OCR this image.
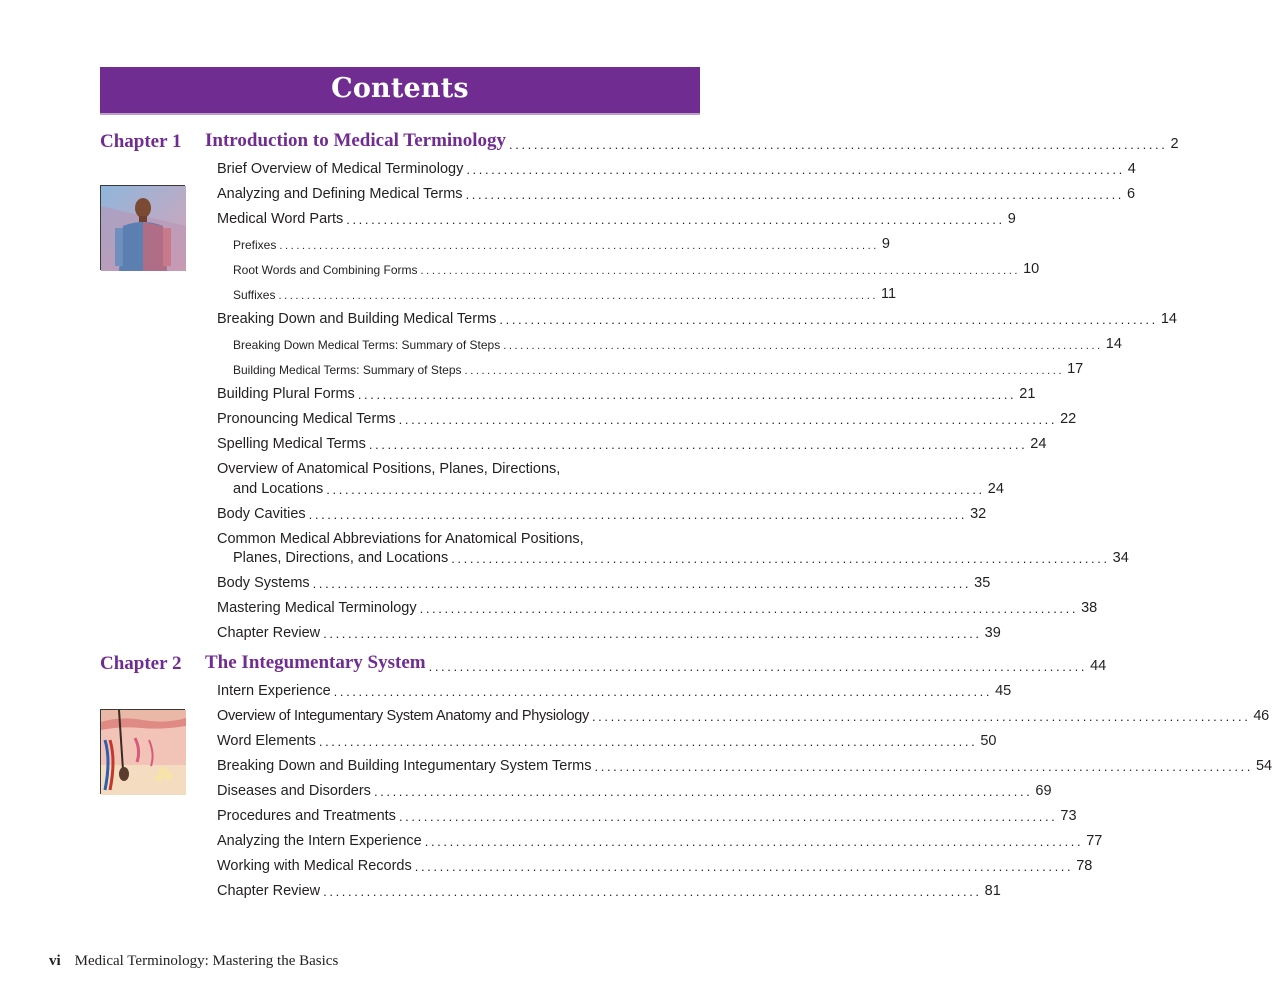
Contents
Chapter 1 Introduction to Medical Terminology .......................................................................................................... 2
Brief Overview of Medical Terminology .......................................................................................................... 4
Analyzing and Defining Medical Terms .......................................................................................................... 6
Medical Word Parts .......................................................................................................... 9
Prefixes .......................................................................................................... 9
Root Words and Combining Forms .......................................................................................................... 10
Suffixes .......................................................................................................... 11
Breaking Down and Building Medical Terms .......................................................................................................... 14
Breaking Down Medical Terms: Summary of Steps .......................................................................................................... 14
Building Medical Terms: Summary of Steps .......................................................................................................... 17
Building Plural Forms .......................................................................................................... 21
Pronouncing Medical Terms .......................................................................................................... 22
Spelling Medical Terms .......................................................................................................... 24
Overview of Anatomical Positions, Planes, Directions,
and Locations .......................................................................................................... 24
Body Cavities .......................................................................................................... 32
Common Medical Abbreviations for Anatomical Positions,
Planes, Directions, and Locations .......................................................................................................... 34
Body Systems .......................................................................................................... 35
Mastering Medical Terminology .......................................................................................................... 38
Chapter Review .......................................................................................................... 39
Chapter 2 The Integumentary System .......................................................................................................... 44
Intern Experience .......................................................................................................... 45
Overview of Integumentary System Anatomy and Physiology .......................................................................................................... 46
Word Elements .......................................................................................................... 50
Breaking Down and Building Integumentary System Terms .......................................................................................................... 54
Diseases and Disorders .......................................................................................................... 69
Procedures and Treatments .......................................................................................................... 73
Analyzing the Intern Experience .......................................................................................................... 77
Working with Medical Records .......................................................................................................... 78
Chapter Review .......................................................................................................... 81
vi Medical Terminology: Mastering the Basics
